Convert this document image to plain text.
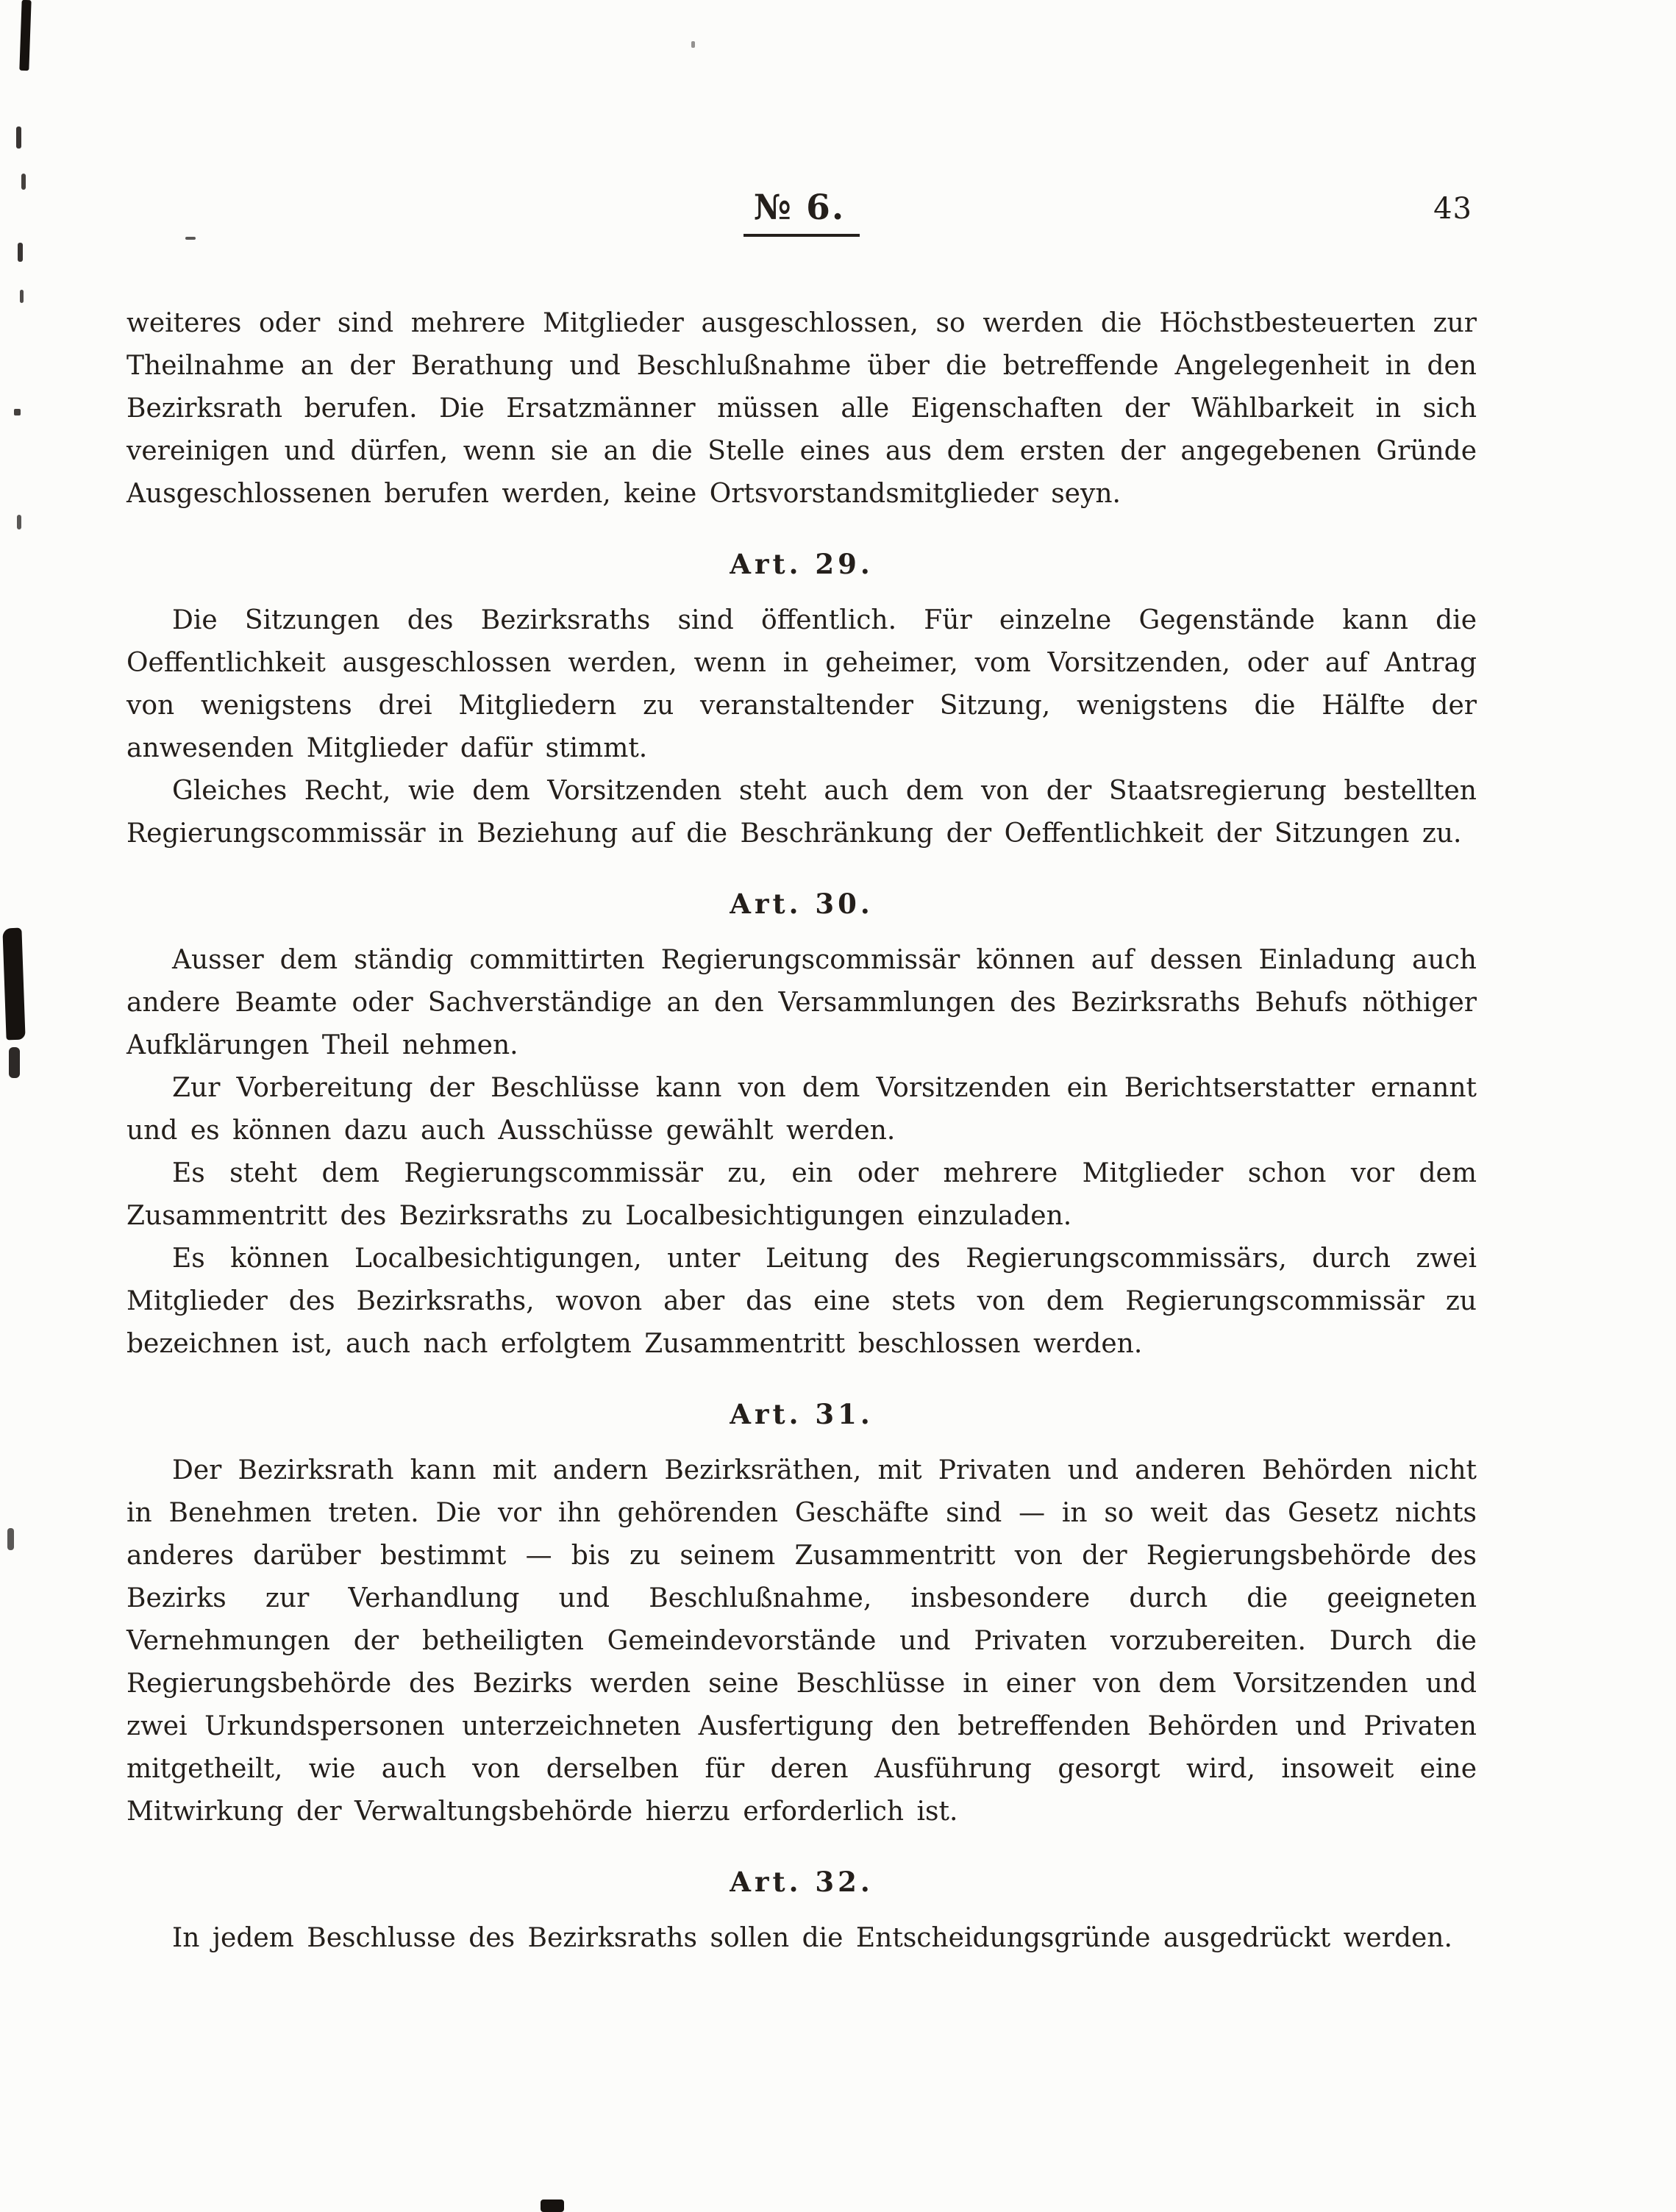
№ 6.	43

weiteres oder sind mehrere Mitglieder ausgeschlossen, so werden die Höchstbesteuerten zur Theilnahme an der Berathung und Beschlußnahme über die betreffende Angelegenheit in den Bezirksrath berufen. Die Ersatzmänner müssen alle Eigenschaften der Wählbarkeit in sich vereinigen und dürfen, wenn sie an die Stelle eines aus dem ersten der angegebenen Gründe Ausgeschlossenen berufen werden, keine Ortsvorstandsmitglieder seyn.

Art. 29.

Die Sitzungen des Bezirksraths sind öffentlich. Für einzelne Gegenstände kann die Oeffentlichkeit ausgeschlossen werden, wenn in geheimer, vom Vorsitzenden, oder auf Antrag von wenigstens drei Mitgliedern zu veranstaltender Sitzung, wenigstens die Hälfte der anwesenden Mitglieder dafür stimmt.

Gleiches Recht, wie dem Vorsitzenden steht auch dem von der Staatsregierung bestellten Regierungscommissär in Beziehung auf die Beschränkung der Oeffentlichkeit der Sitzungen zu.

Art. 30.

Ausser dem ständig committirten Regierungscommissär können auf dessen Einladung auch andere Beamte oder Sachverständige an den Versammlungen des Bezirksraths Behufs nöthiger Aufklärungen Theil nehmen.

Zur Vorbereitung der Beschlüsse kann von dem Vorsitzenden ein Berichtserstatter ernannt und es können dazu auch Ausschüsse gewählt werden.

Es steht dem Regierungscommissär zu, ein oder mehrere Mitglieder schon vor dem Zusammentritt des Bezirksraths zu Localbesichtigungen einzuladen.

Es können Localbesichtigungen, unter Leitung des Regierungscommissärs, durch zwei Mitglieder des Bezirksraths, wovon aber das eine stets von dem Regierungscommissär zu bezeichnen ist, auch nach erfolgtem Zusammentritt beschlossen werden.

Art. 31.

Der Bezirksrath kann mit andern Bezirksräthen, mit Privaten und anderen Behörden nicht in Benehmen treten. Die vor ihn gehörenden Geschäfte sind — in so weit das Gesetz nichts anderes darüber bestimmt — bis zu seinem Zusammentritt von der Regierungsbehörde des Bezirks zur Verhandlung und Beschlußnahme, insbesondere durch die geeigneten Vernehmungen der betheiligten Gemeindevorstände und Privaten vorzubereiten. Durch die Regierungsbehörde des Bezirks werden seine Beschlüsse in einer von dem Vorsitzenden und zwei Urkundspersonen unterzeichneten Ausfertigung den betreffenden Behörden und Privaten mitgetheilt, wie auch von derselben für deren Ausführung gesorgt wird, insoweit eine Mitwirkung der Verwaltungsbehörde hierzu erforderlich ist.

Art. 32.

In jedem Beschlusse des Bezirksraths sollen die Entscheidungsgründe ausgedrückt werden.
